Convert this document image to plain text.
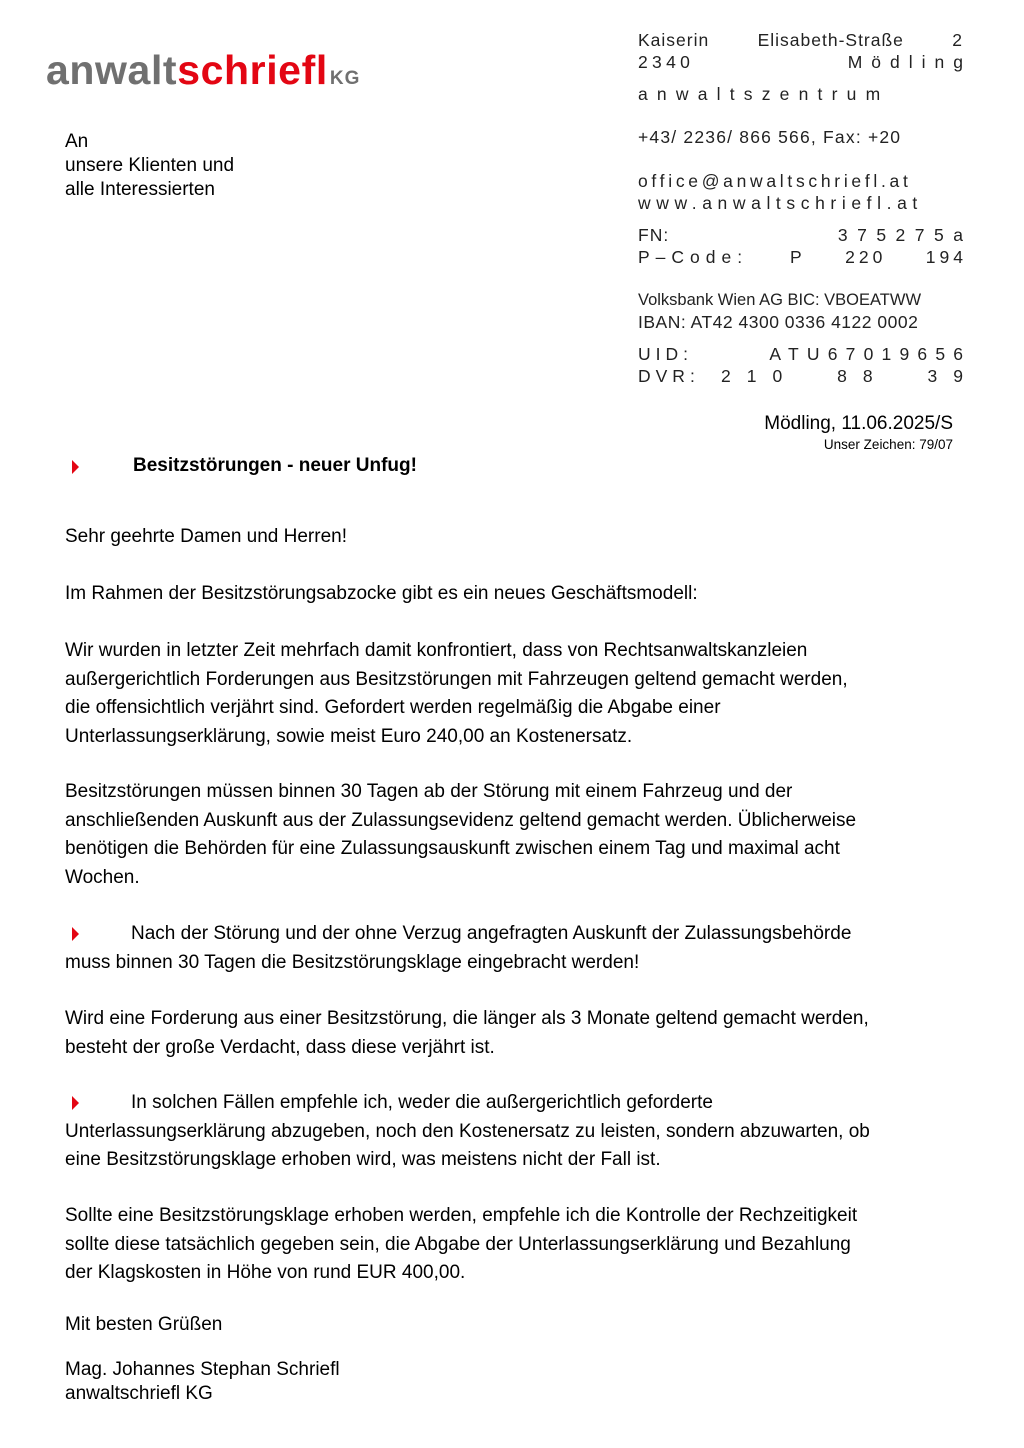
anwaltschriefl KG
An
unsere Klienten und
alle Interessierten
Kaiserin	Elisabeth-Straße	2
2340	Mödling
anwaltszentrum
+43/ 2236/ 866 566, Fax: +20
office@anwaltschriefl.at
www.anwaltschriefl.at
FN:	375275a
P–Code: P 220 194
Volksbank Wien AG BIC: VBOEATWW
IBAN: AT42 4300 0336 4122 0002
UID:	ATU67019656
DVR: 210 88 39
Mödling, 11.06.2025/S
Unser Zeichen: 79/07
Besitzstörungen - neuer Unfug!
Sehr geehrte Damen und Herren!
Im Rahmen der Besitzstörungsabzocke gibt es ein neues Geschäftsmodell:
Wir wurden in letzter Zeit mehrfach damit konfrontiert, dass von Rechtsanwaltskanzleien
außergerichtlich Forderungen aus Besitzstörungen mit Fahrzeugen geltend gemacht werden,
die offensichtlich verjährt sind. Gefordert werden regelmäßig die Abgabe einer
Unterlassungserklärung, sowie meist Euro 240,00 an Kostenersatz.
Besitzstörungen müssen binnen 30 Tagen ab der Störung mit einem Fahrzeug und der
anschließenden Auskunft aus der Zulassungsevidenz geltend gemacht werden. Üblicherweise
benötigen die Behörden für eine Zulassungsauskunft zwischen einem Tag und maximal acht
Wochen.
Nach der Störung und der ohne Verzug angefragten Auskunft der Zulassungsbehörde
muss binnen 30 Tagen die Besitzstörungsklage eingebracht werden!
Wird eine Forderung aus einer Besitzstörung, die länger als 3 Monate geltend gemacht werden,
besteht der große Verdacht, dass diese verjährt ist.
In solchen Fällen empfehle ich, weder die außergerichtlich geforderte
Unterlassungserklärung abzugeben, noch den Kostenersatz zu leisten, sondern abzuwarten, ob
eine Besitzstörungsklage erhoben wird, was meistens nicht der Fall ist.
Sollte eine Besitzstörungsklage erhoben werden, empfehle ich die Kontrolle der Rechzeitigkeit
sollte diese tatsächlich gegeben sein, die Abgabe der Unterlassungserklärung und Bezahlung
der Klagskosten in Höhe von rund EUR 400,00.
Mit besten Grüßen
Mag. Johannes Stephan Schriefl
anwaltschriefl KG
